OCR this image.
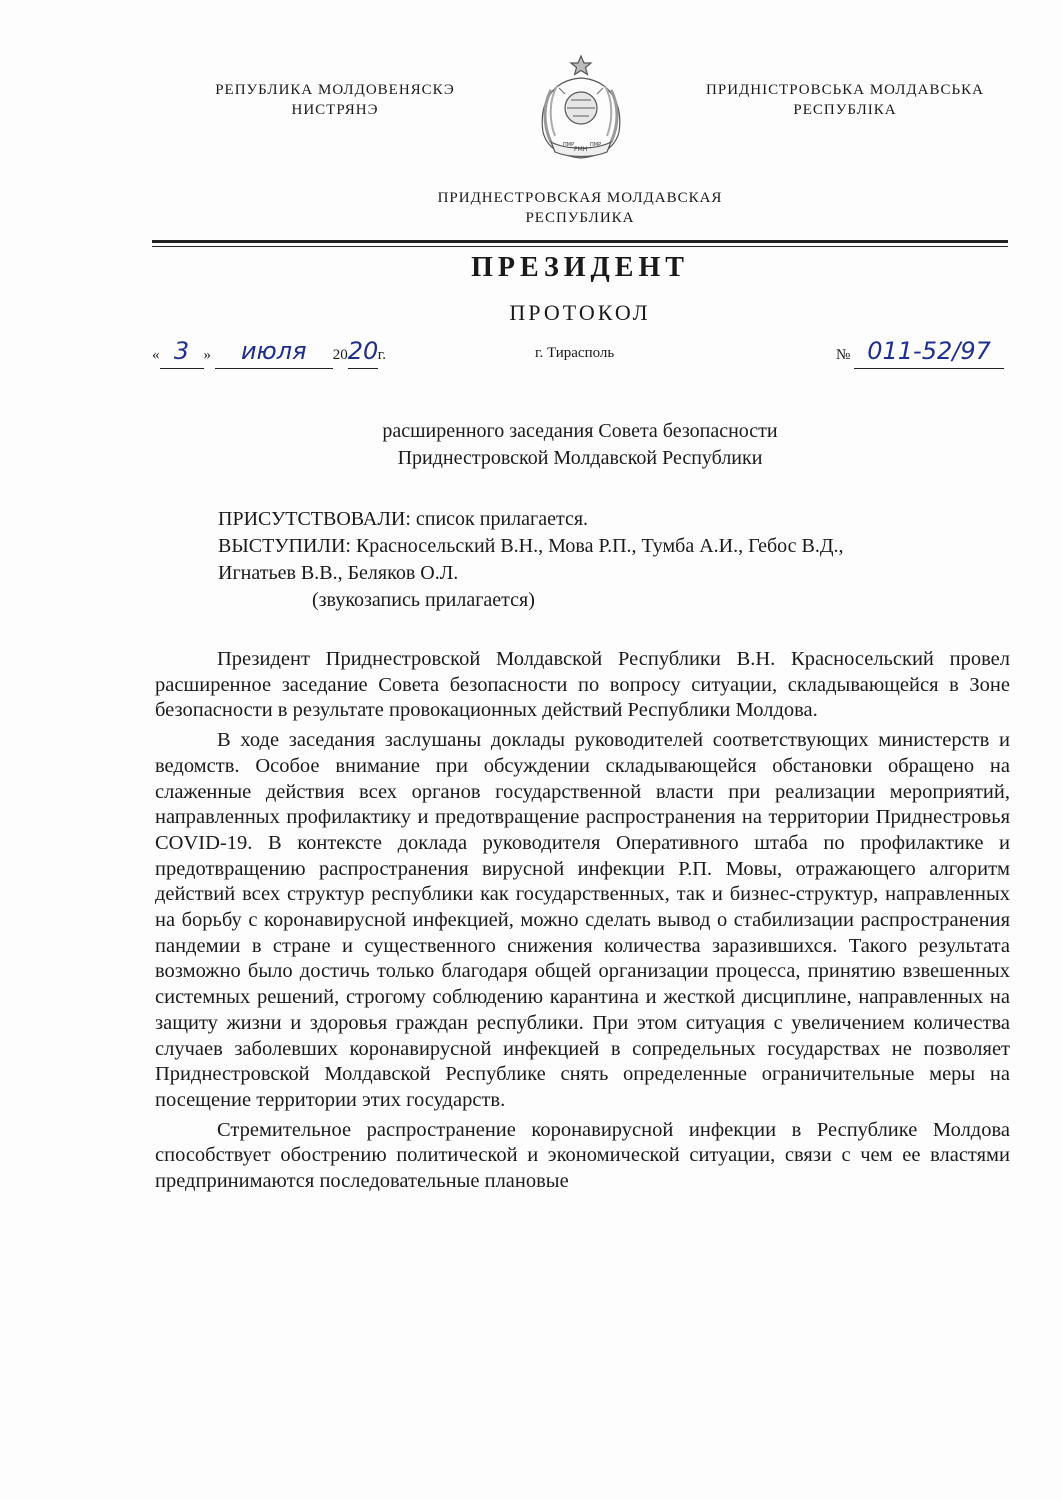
РЕПУБЛИКА МОЛДОВЕНЯСКЭ
НИСТРЯНЭ
ПМР
PMH
ПМР
ПРИДНІСТРОВСЬКА МОЛДАВСЬКА
РЕСПУБЛІКА
ПРИДНЕСТРОВСКАЯ МОЛДАВСКАЯ
РЕСПУБЛИКА
ПРЕЗИДЕНТ
ПРОТОКОЛ
« 3 » июля 2020г.	г. Тирасполь	№ 011-52/97
расширенного заседания Совета безопасности
Приднестровской Молдавской Республики
ПРИСУТСТВОВАЛИ: список прилагается.
ВЫСТУПИЛИ: Красносельский В.Н., Мова Р.П., Тумба А.И., Гебос В.Д.,
Игнатьев В.В., Беляков О.Л.
(звукозапись прилагается)

Президент Приднестровской Молдавской Республики В.Н. Красносельский провел расширенное заседание Совета безопасности по вопросу ситуации, складывающейся в Зоне безопасности в результате провокационных действий Республики Молдова.

В ходе заседания заслушаны доклады руководителей соответствующих министерств и ведомств. Особое внимание при обсуждении складывающейся обстановки обращено на слаженные действия всех органов государственной власти при реализации мероприятий, направленных профилактику и предотвращение распространения на территории Приднестровья COVID-19. В контексте доклада руководителя Оперативного штаба по профилактике и предотвращению распространения вирусной инфекции Р.П. Мовы, отражающего алгоритм действий всех структур республики как государственных, так и бизнес-структур, направленных на борьбу с коронавирусной инфекцией, можно сделать вывод о стабилизации распространения пандемии в стране и существенного снижения количества заразившихся. Такого результата возможно было достичь только благодаря общей организации процесса, принятию взвешенных системных решений, строгому соблюдению карантина и жесткой дисциплине, направленных на защиту жизни и здоровья граждан республики. При этом ситуация с увеличением количества случаев заболевших коронавирусной инфекцией в сопредельных государствах не позволяет Приднестровской Молдавской Республике снять определенные ограничительные меры на посещение территории этих государств.

Стремительное распространение коронавирусной инфекции в Республике Молдова способствует обострению политической и экономической ситуации, связи с чем ее властями предпринимаются последовательные плановые
